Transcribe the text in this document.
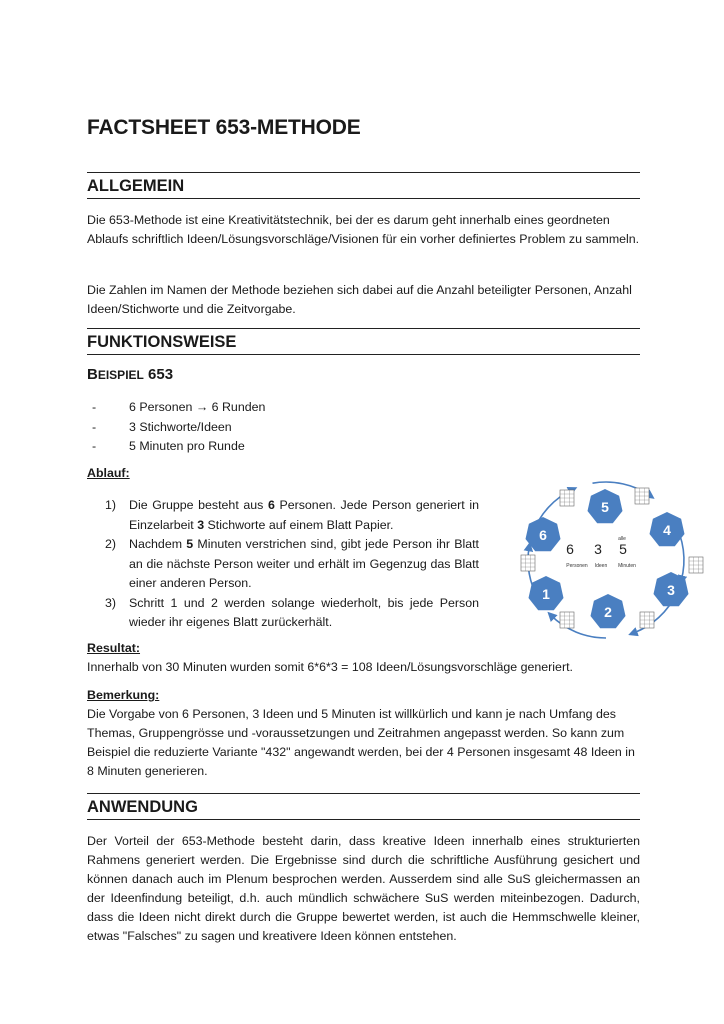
FACTSHEET 653-METHODE
ALLGEMEIN
Die 653-Methode ist eine Kreativitätstechnik, bei der es darum geht innerhalb eines geordneten Ablaufs schriftlich Ideen/Lösungsvorschläge/Visionen für ein vorher definiertes Problem zu sammeln.
Die Zahlen im Namen der Methode beziehen sich dabei auf die Anzahl beteiligter Personen, Anzahl Ideen/Stichworte und die Zeitvorgabe.
FUNKTIONSWEISE
BEISPIEL 653
- 6 Personen → 6 Runden
- 3 Stichworte/Ideen
- 5 Minuten pro Runde
Ablauf:
1) Die Gruppe besteht aus 6 Personen. Jede Person generiert in Einzelarbeit 3 Stichworte auf einem Blatt Papier.
2) Nachdem 5 Minuten verstrichen sind, gibt jede Person ihr Blatt an die nächste Person weiter und erhält im Gegenzug das Blatt einer anderen Person.
3) Schritt 1 und 2 werden solange wiederholt, bis jede Person wieder ihr eigenes Blatt zurückerhält.
Resultat:
Innerhalb von 30 Minuten wurden somit 6*6*3 = 108 Ideen/Lösungsvorschläge generiert.
Bemerkung:
Die Vorgabe von 6 Personen, 3 Ideen und 5 Minuten ist willkürlich und kann je nach Umfang des Themas, Gruppengrösse und -voraussetzungen und Zeitrahmen angepasst werden. So kann zum Beispiel die reduzierte Variante "432" angewandt werden, bei der 4 Personen insgesamt 48 Ideen in 8 Minuten generieren.
ANWENDUNG
Der Vorteil der 653-Methode besteht darin, dass kreative Ideen innerhalb eines strukturierten Rahmens generiert werden. Die Ergebnisse sind durch die schriftliche Ausführung gesichert und können danach auch im Plenum besprochen werden. Ausserdem sind alle SuS gleichermassen an der Ideenfindung beteiligt, d.h. auch mündlich schwächere SuS werden miteinbezogen. Dadurch, dass die Ideen nicht direkt durch die Gruppe bewertet werden, ist auch die Hemmschwelle kleiner, etwas "Falsches" zu sagen und kreativere Ideen können entstehen.
5
4
3
2
1
6	alle
6 3 5
Personen Ideen Minuten
